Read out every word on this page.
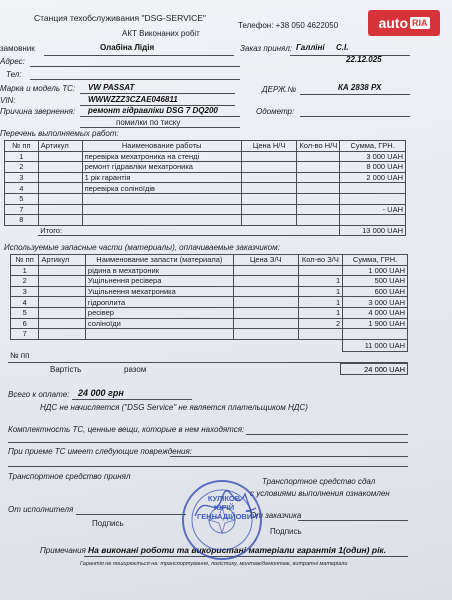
auto RIA
Станция техобслуживания "DSG-SERVICE"
Телефон: +38 050 4622050
АКТ Виконаних робіт
замовник	Олабіна Лідія	Заказ принял: Галліні С.І.
22.12.025
Адрес:
Тел:
Марка и модель ТС: VW PASSAT	ДЕРЖ.№	КА 2838 РХ
VIN:	WWWZZZ3CZAE046811
Причина звернення: ремонт гідравліки DSG 7 DQ200	Одометр:
помилки по тиску
Перечень выполняемых работ:
№ пп	Артикул	Наименование работы	Цена Н/Ч	Кол-во Н/Ч	Сумма, ГРН.
1		перевірка мехатроника на стенді			3 000 UAH
2		ремонт гідравліки мехатроника			8 000 UAH
3		1 рік гарантія			2 000 UAH
4		перевірка соліноїдів			
5					
7					- UAH
8					
	Итого:				13 000 UAH
Используемые запасные части (материалы), оплачиваемые заказчиком:
№ пп	Артикул	Наименование запасти (материала)	Цена З/Ч	Кол-во З/Ч	Сумма, ГРН.
1		рідина в мехатроник			1 000 UAH
2		Ущільнення ресівера		1	500 UAH
3		Ущільнення мехатроника		1	600 UAH
4		гідроплита		1	3 000 UAH
5		ресівер		1	4 000 UAH
6		соліноїди		2	1 900 UAH
7					
					11 000 UAH
№ пп
Вартість	разом	24 000 UAH
Всего к оплате: 24 000 грн
НДС не начисляется ("DSG Service" не является плательщиком НДС)
Комплектность ТС, ценные вещи, которые в нем находятся:
При приеме ТС имеет следующие повреждения:
Транспортное средство принял
Транспортное средство сдал
с условиями выполнения ознакомлен
От исполнителя
От заказчика
Подпись
Подпись
Примечания На виконані роботи та використані матеріали гарантія 1(один) рік.
Гарантія не поширюється на: транспортування, логістику, монтаж/демонтаж, витратні матеріали
КУЛІКОВ ЮРІЙ ГЕННАДІЙОВИЧ
